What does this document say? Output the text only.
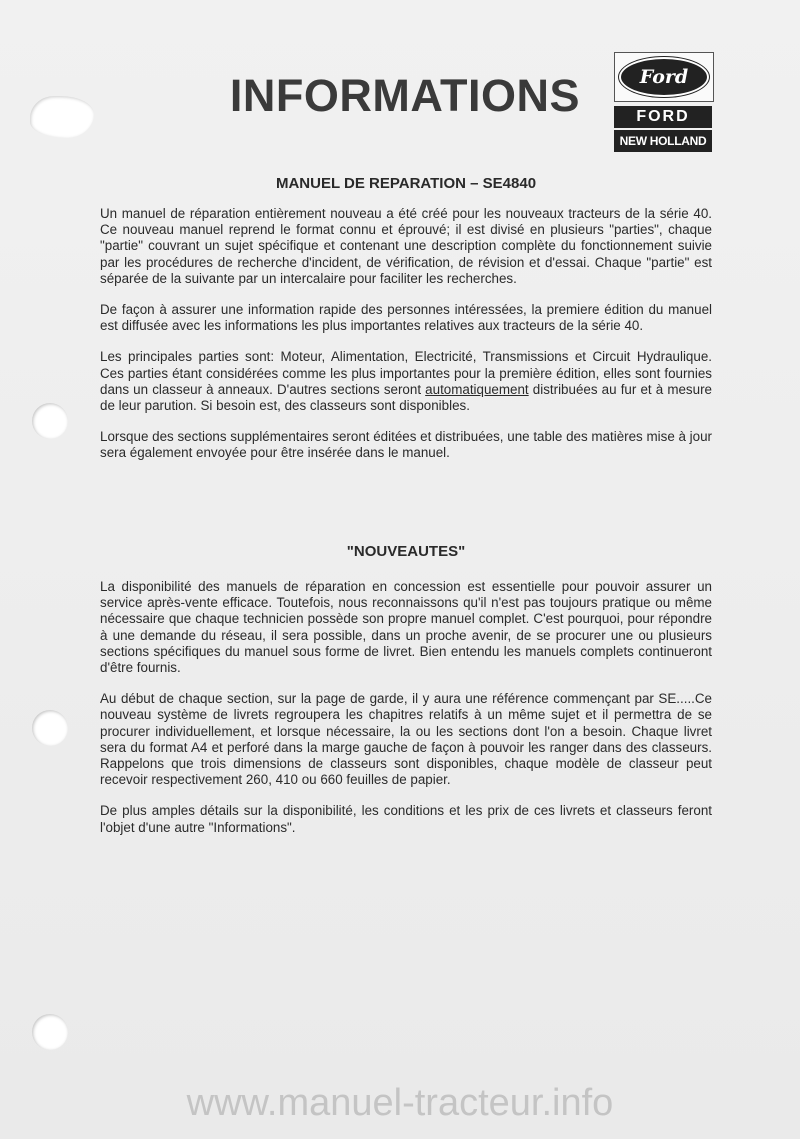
INFORMATIONS	Ford
FORD
NEW HOLLAND
MANUEL DE REPARATION – SE4840

Un manuel de réparation entièrement nouveau a été créé pour les nouveaux tracteurs de la série 40. Ce nouveau manuel reprend le format connu et éprouvé; il est divisé en plusieurs "parties", chaque "partie" couvrant un sujet spécifique et contenant une description complète du fonctionnement suivie par les procédures de recherche d'incident, de vérification, de révision et d'essai. Chaque "partie" est séparée de la suivante par un intercalaire pour faciliter les recherches.

De façon à assurer une information rapide des personnes intéressées, la premiere édition du manuel est diffusée avec les informations les plus importantes relatives aux tracteurs de la série 40.

Les principales parties sont: Moteur, Alimentation, Electricité, Transmissions et Circuit Hydraulique. Ces parties étant considérées comme les plus importantes pour la première édition, elles sont fournies dans un classeur à anneaux. D'autres sections seront automatiquement distribuées au fur et à mesure de leur parution. Si besoin est, des classeurs sont disponibles.

Lorsque des sections supplémentaires seront éditées et distribuées, une table des matières mise à jour sera également envoyée pour être insérée dans le manuel.

"NOUVEAUTES"

La disponibilité des manuels de réparation en concession est essentielle pour pouvoir assurer un service après-vente efficace. Toutefois, nous reconnaissons qu'il n'est pas toujours pratique ou même nécessaire que chaque technicien possède son propre manuel complet. C'est pourquoi, pour répondre à une demande du réseau, il sera possible, dans un proche avenir, de se procurer une ou plusieurs sections spécifiques du manuel sous forme de livret. Bien entendu les manuels complets continueront d'être fournis.

Au début de chaque section, sur la page de garde, il y aura une référence commençant par SE.....Ce nouveau système de livrets regroupera les chapitres relatifs à un même sujet et il permettra de se procurer individuellement, et lorsque nécessaire, la ou les sections dont l'on a besoin. Chaque livret sera du format A4 et perforé dans la marge gauche de façon à pouvoir les ranger dans des classeurs. Rappelons que trois dimensions de classeurs sont disponibles, chaque modèle de classeur peut recevoir respectivement 260, 410 ou 660 feuilles de papier.

De plus amples détails sur la disponibilité, les conditions et les prix de ces livrets et classeurs feront l'objet d'une autre "Informations".

www.manuel-tracteur.info
